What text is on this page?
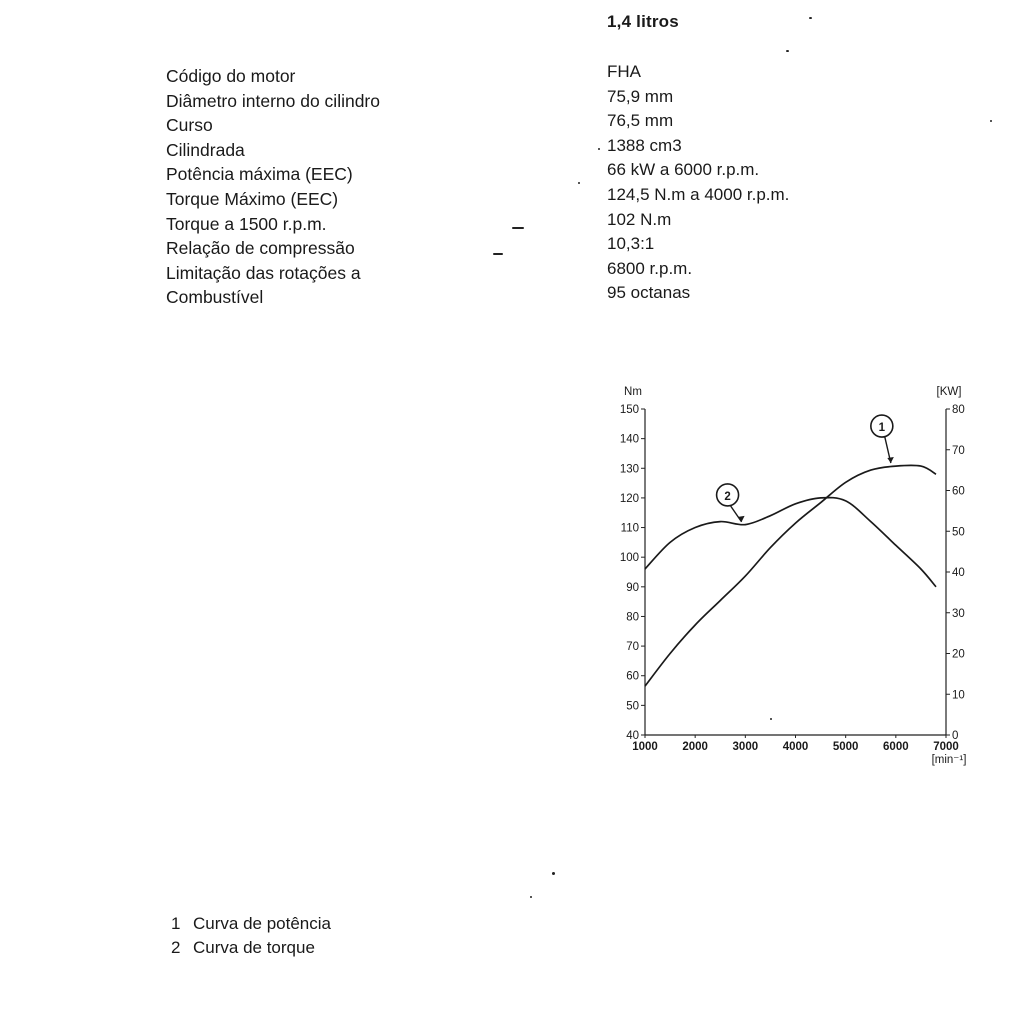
1,4 litros
Código do motor
Diâmetro interno do cilindro
Curso
Cilindrada
Potência máxima (EEC)
Torque Máximo (EEC)
Torque a 1500 r.p.m.
Relação de compressão
Limitação das rotações a
Combustível
FHA
75,9 mm
76,5 mm
1388 cm3
66 kW a 6000 r.p.m.
124,5 N.m a 4000 r.p.m.
102 N.m
10,3:1
6800 r.p.m.
95 octanas
1
2
40
50
60
70
80
90
100
110
120
130
140
150
0
10
20
30
40
50
60
70
80
1000 2000 3000 4000 5000 6000 7000
Nm	[KW]
[min⁻¹]
1 Curva de potência
2 Curva de torque
